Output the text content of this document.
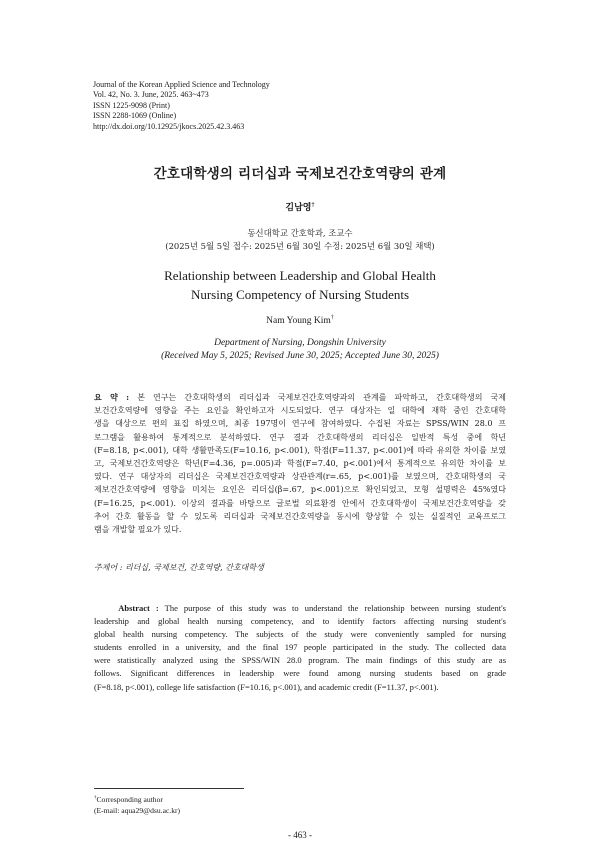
Journal of the Korean Applied Science and Technology
Vol. 42, No. 3. June, 2025. 463~473
ISSN 1225-9098 (Print)
ISSN 2288-1069 (Online)
http://dx.doi.org/10.12925/jkocs.2025.42.3.463
간호대학생의 리더십과 국제보건간호역량의 관계
김남영†
동신대학교 간호학과, 조교수
(2025년 5월 5일 접수: 2025년 6월 30일 수정: 2025년 6월 30일 채택)
Relationship between Leadership and Global Health
Nursing Competency of Nursing Students
Nam Young Kim†
Department of Nursing, Dongshin University
(Received May 5, 2025; Revised June 30, 2025; Accepted June 30, 2025)
요 약 : 본 연구는 간호대학생의 리더십과 국제보건간호역량과의 관계를 파악하고, 간호대학생의 국제
보건간호역량에 영향을 주는 요인을 확인하고자 시도되었다. 연구 대상자는 일 대학에 재학 중인 간호대학
생을 대상으로 편의 표집 하였으며, 최종 197명이 연구에 참여하였다. 수집된 자료는 SPSS/WIN 28.0 프
로그램을 활용하여 통계적으로 분석하였다. 연구 결과 간호대학생의 리더십은 일반적 특성 중에 학년
(F=8.18, p<.001), 대학 생활만족도(F=10.16, p<.001), 학점(F=11.37, p<.001)에 따라 유의한 차이를 보였
고, 국제보건간호역량은 학년(F=4.36, p=.005)과 학점(F=7.40, p<.001)에서 통계적으로 유의한 차이를 보
였다. 연구 대상자의 리더십은 국제보건간호역량과 상관관계(r=.65, p<.001)를 보였으며, 간호대학생의 국
제보건간호역량에 영향을 미치는 요인은 리더십(β=.67, p<.001)으로 확인되었고, 모형 설명력은 45%였다
(F=16.25, p<.001). 이상의 결과를 바탕으로 글로벌 의료환경 안에서 간호대학생이 국제보건간호역량을 갖
추어 간호 활동을 할 수 있도록 리더십과 국제보건간호역량을 동시에 향상할 수 있는 실질적인 교육프로그
램을 개발할 필요가 있다.
주제어 : 리더십, 국제보건, 간호역량, 간호대학생
Abstract : The purpose of this study was to understand the relationship between nursing student's
leadership and global health nursing competency, and to identify factors affecting nursing student's
global health nursing competency. The subjects of the study were conveniently sampled for nursing
students enrolled in a university, and the final 197 people participated in the study. The collected data
were statistically analyzed using the SPSS/WIN 28.0 program. The main findings of this study are as
follows. Significant differences in leadership were found among nursing students based on grade
(F=8.18, p<.001), college life satisfaction (F=10.16, p<.001), and academic credit (F=11.37, p<.001).
†Corresponding author
(E-mail: aqua29@dsu.ac.kr)
- 463 -
